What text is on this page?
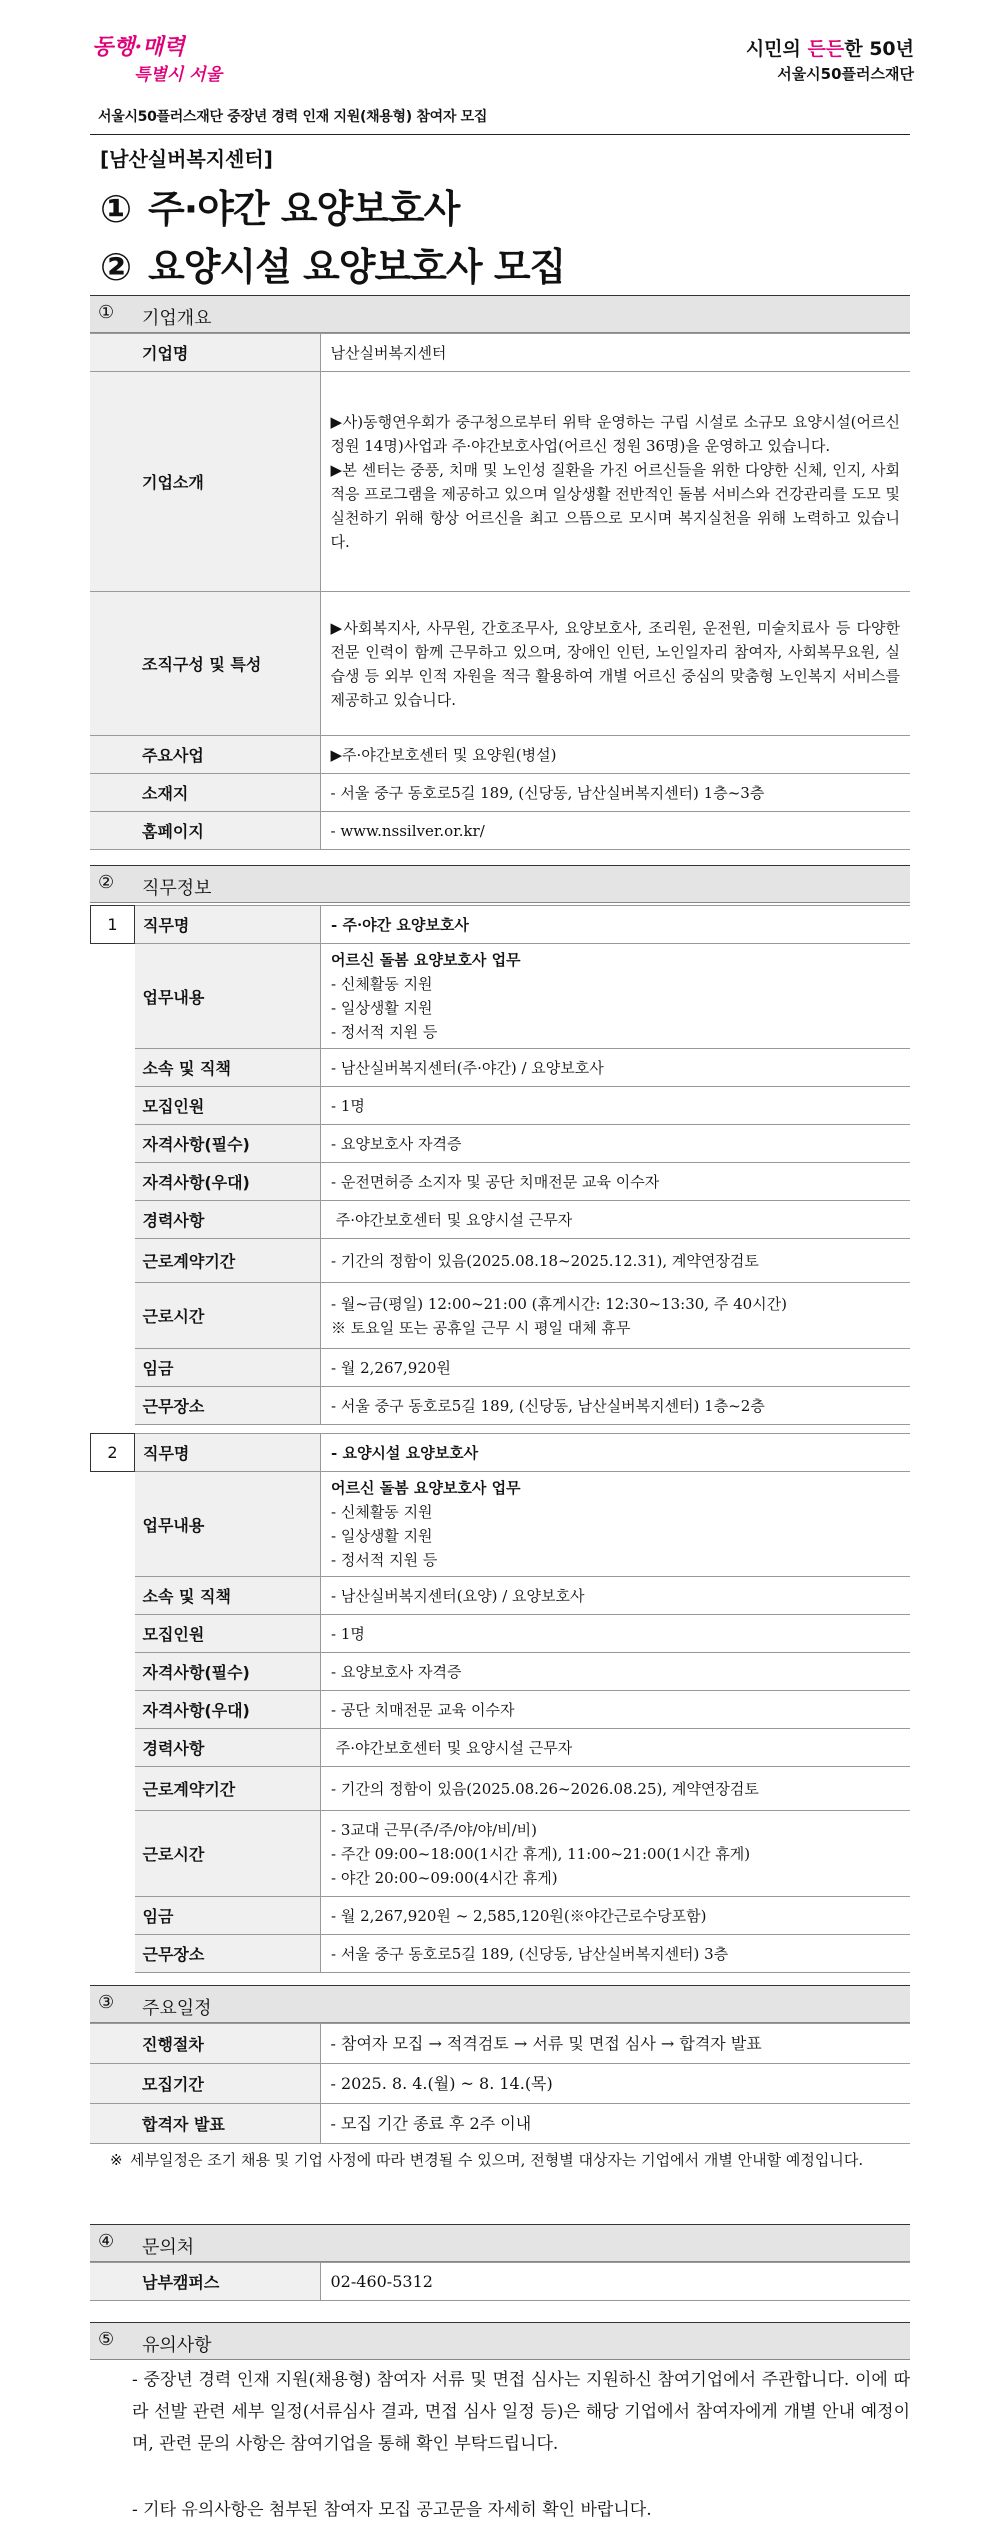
동행·매력
특별시 서울
시민의 든든한 50년
서울시50플러스재단
서울시50플러스재단 중장년 경력 인재 지원(채용형) 참여자 모집
[남산실버복지센터]
① 주·야간 요양보호사
② 요양시설 요양보호사 모집
① 기업개요
기업명	남산실버복지센터
기업소개	▶사)동행연우회가 중구청으로부터 위탁 운영하는 구립 시설로 소규모 요양시설(어르신 정원 14명)사업과 주·야간보호사업(어르신 정원 36명)을 운영하고 있습니다.
▶본 센터는 중풍, 치매 및 노인성 질환을 가진 어르신들을 위한 다양한 신체, 인지, 사회 적응 프로그램을 제공하고 있으며 일상생활 전반적인 돌봄 서비스와 건강관리를 도모 및 실천하기 위해 항상 어르신을 최고 으뜸으로 모시며 복지실천을 위해 노력하고 있습니다.
조직구성 및 특성	▶사회복지사, 사무원, 간호조무사, 요양보호사, 조리원, 운전원, 미술치료사 등 다양한 전문 인력이 함께 근무하고 있으며, 장애인 인턴, 노인일자리 참여자, 사회복무요원, 실습생 등 외부 인적 자원을 적극 활용하여 개별 어르신 중심의 맞춤형 노인복지 서비스를 제공하고 있습니다.
주요사업	▶주·야간보호센터 및 요양원(병설)
소재지	- 서울 중구 동호로5길 189, (신당동, 남산실버복지센터) 1층~3층
홈페이지	- www.nssilver.or.kr/
② 직무정보
1	직무명	- 주·야간 요양보호사
	업무내용	어르신 돌봄 요양보호사 업무
- 신체활동 지원
- 일상생활 지원
- 정서적 지원 등

	소속 및 직책	- 남산실버복지센터(주·야간) / 요양보호사
	모집인원	- 1명
	자격사항(필수)	- 요양보호사 자격증
	자격사항(우대)	- 운전면허증 소지자 및 공단 치매전문 교육 이수자
	경력사항	주·야간보호센터 및 요양시설 근무자
	근로계약기간	- 기간의 정함이 있음(2025.08.18~2025.12.31), 계약연장검토
	근로시간	- 월~금(평일) 12:00~21:00 (휴게시간: 12:30~13:30, 주 40시간)
※ 토요일 또는 공휴일 근무 시 평일 대체 휴무
	임금	- 월 2,267,920원
	근무장소	- 서울 중구 동호로5길 189, (신당동, 남산실버복지센터) 1층~2층
2	직무명	- 요양시설 요양보호사
	업무내용	어르신 돌봄 요양보호사 업무
- 신체활동 지원
- 일상생활 지원
- 정서적 지원 등

	소속 및 직책	- 남산실버복지센터(요양) / 요양보호사
	모집인원	- 1명
	자격사항(필수)	- 요양보호사 자격증
	자격사항(우대)	- 공단 치매전문 교육 이수자
	경력사항	주·야간보호센터 및 요양시설 근무자
	근로계약기간	- 기간의 정함이 있음(2025.08.26~2026.08.25), 계약연장검토
	근로시간	- 3교대 근무(주/주/야/야/비/비)
- 주간 09:00~18:00(1시간 휴게), 11:00~21:00(1시간 휴게)
- 야간 20:00~09:00(4시간 휴게)
	임금	- 월 2,267,920원 ~ 2,585,120원(※야간근로수당포함)
	근무장소	- 서울 중구 동호로5길 189, (신당동, 남산실버복지센터) 3층
③ 주요일정
진행절차	- 참여자 모집 → 적격검토 → 서류 및 면접 심사 → 합격자 발표
모집기간	- 2025. 8. 4.(월) ~ 8. 14.(목)
합격자 발표	- 모집 기간 종료 후 2주 이내
※ 세부일정은 조기 채용 및 기업 사정에 따라 변경될 수 있으며, 전형별 대상자는 기업에서 개별 안내할 예정입니다.
④ 문의처
남부캠퍼스	02-460-5312
⑤ 유의사항
- 중장년 경력 인재 지원(채용형) 참여자 서류 및 면접 심사는 지원하신 참여기업에서 주관합니다. 이에 따라 선발 관련 세부 일정(서류심사 결과, 면접 심사 일정 등)은 해당 기업에서 참여자에게 개별 안내 예정이며, 관련 문의 사항은 참여기업을 통해 확인 부탁드립니다.
- 기타 유의사항은 첨부된 참여자 모집 공고문을 자세히 확인 바랍니다.
